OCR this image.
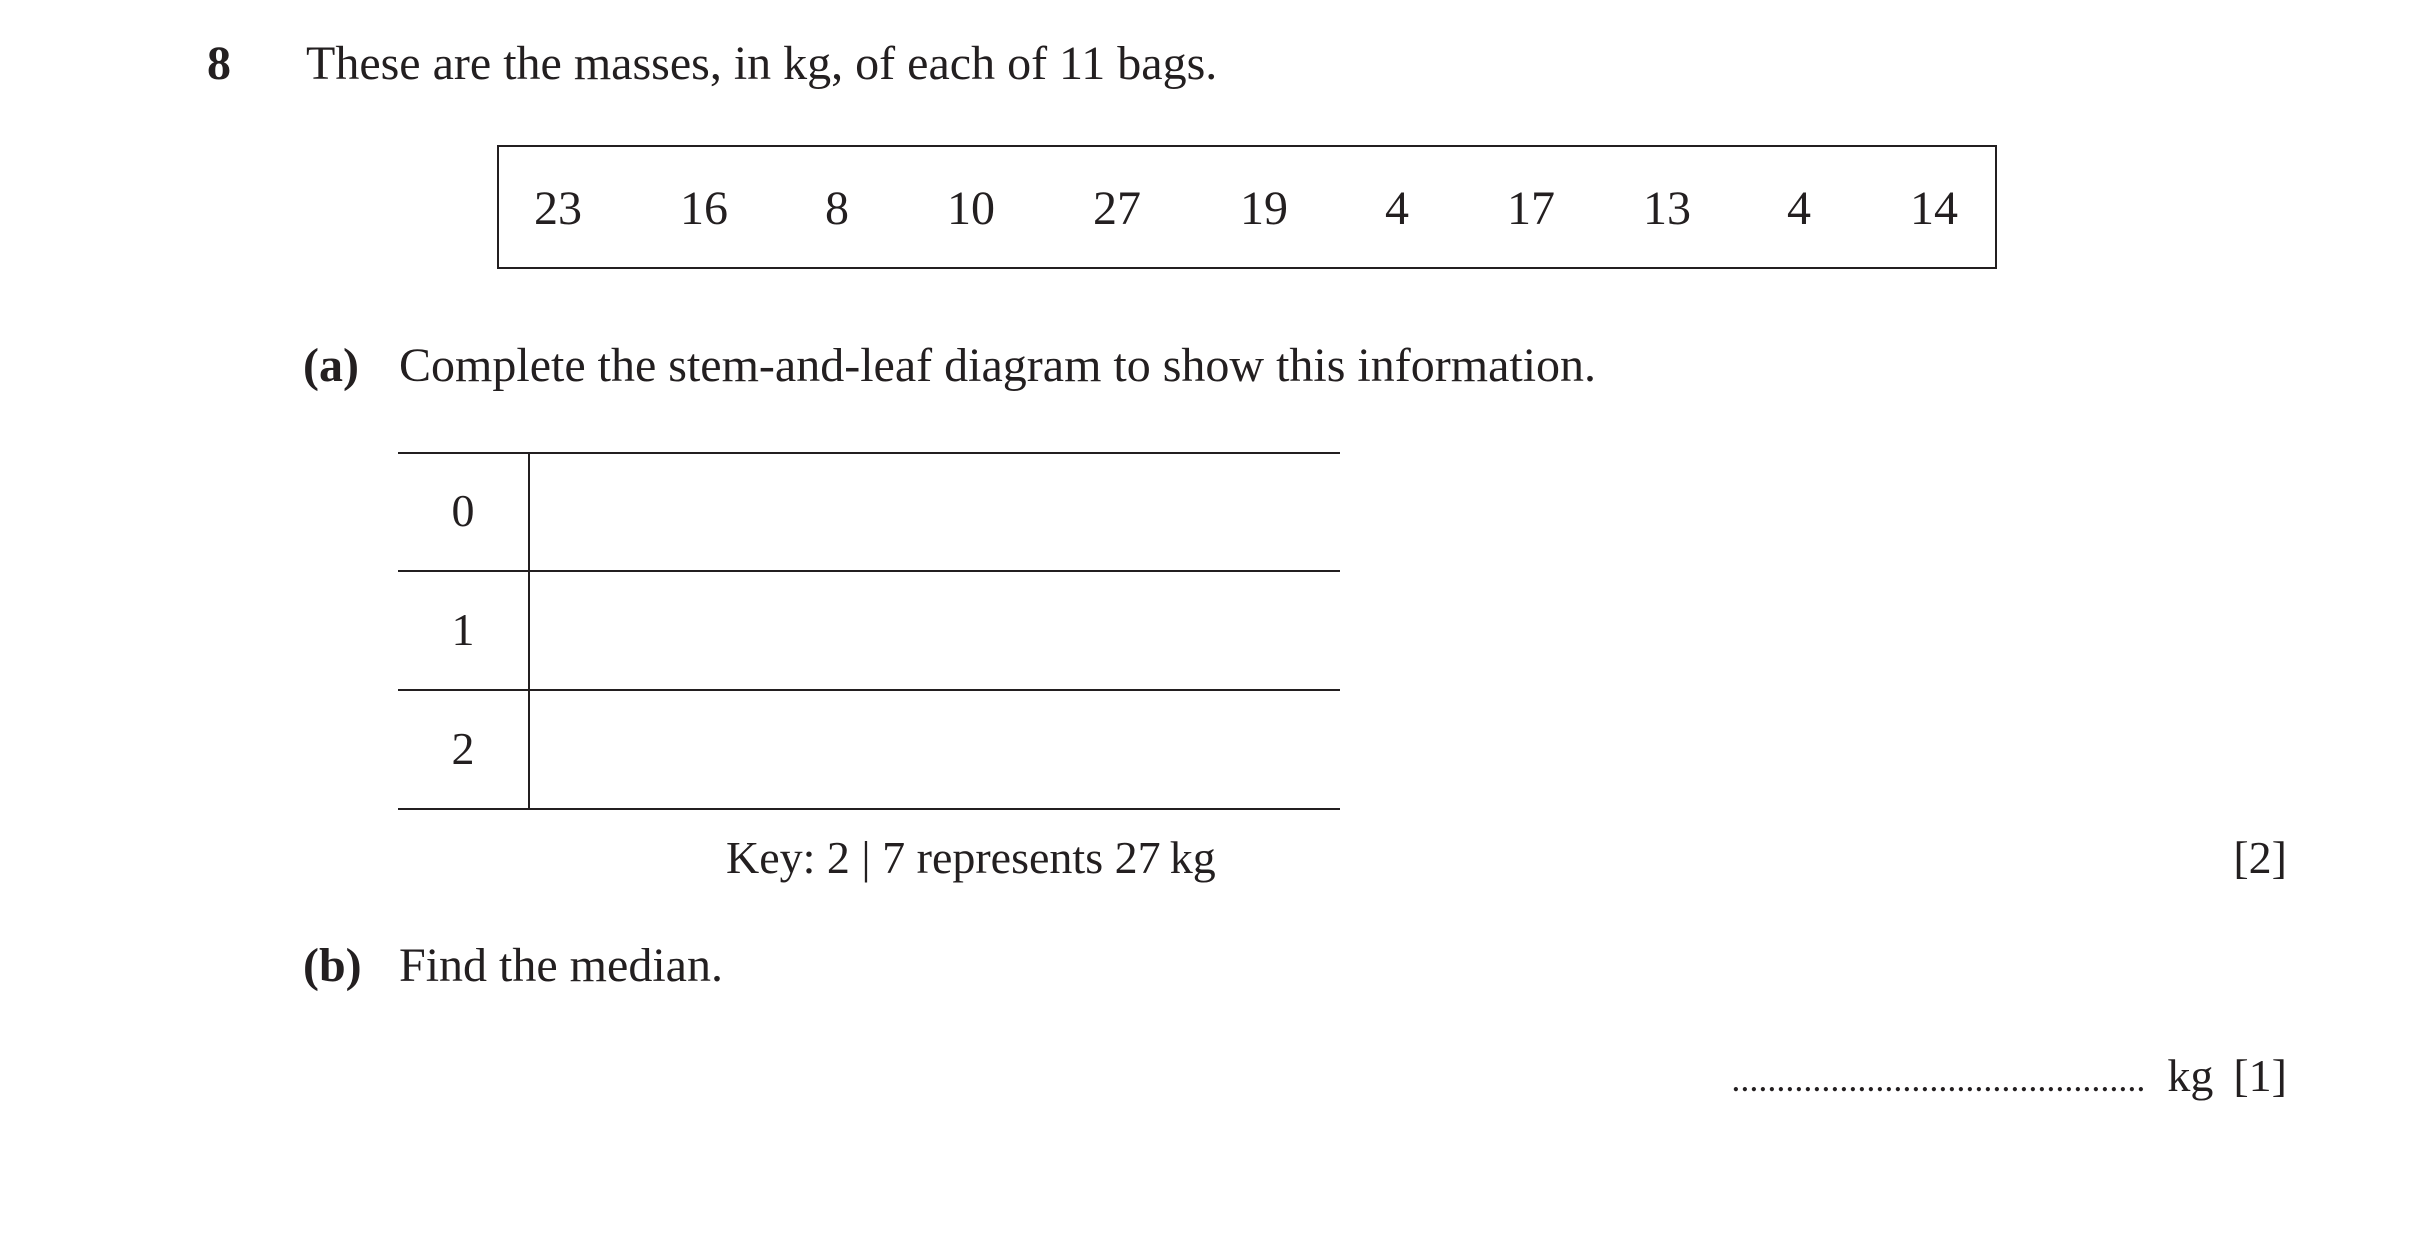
8 These are the masses, in kg, of each of 11 bags.
23 16 8 10 27 19 4 17 13 4 14
(a) Complete the stem-and-leaf diagram to show this information.
0
1
2
Key: 2 | 7 represents 27 kg	[2]
(b) Find the median.
.............................................. kg [1]
